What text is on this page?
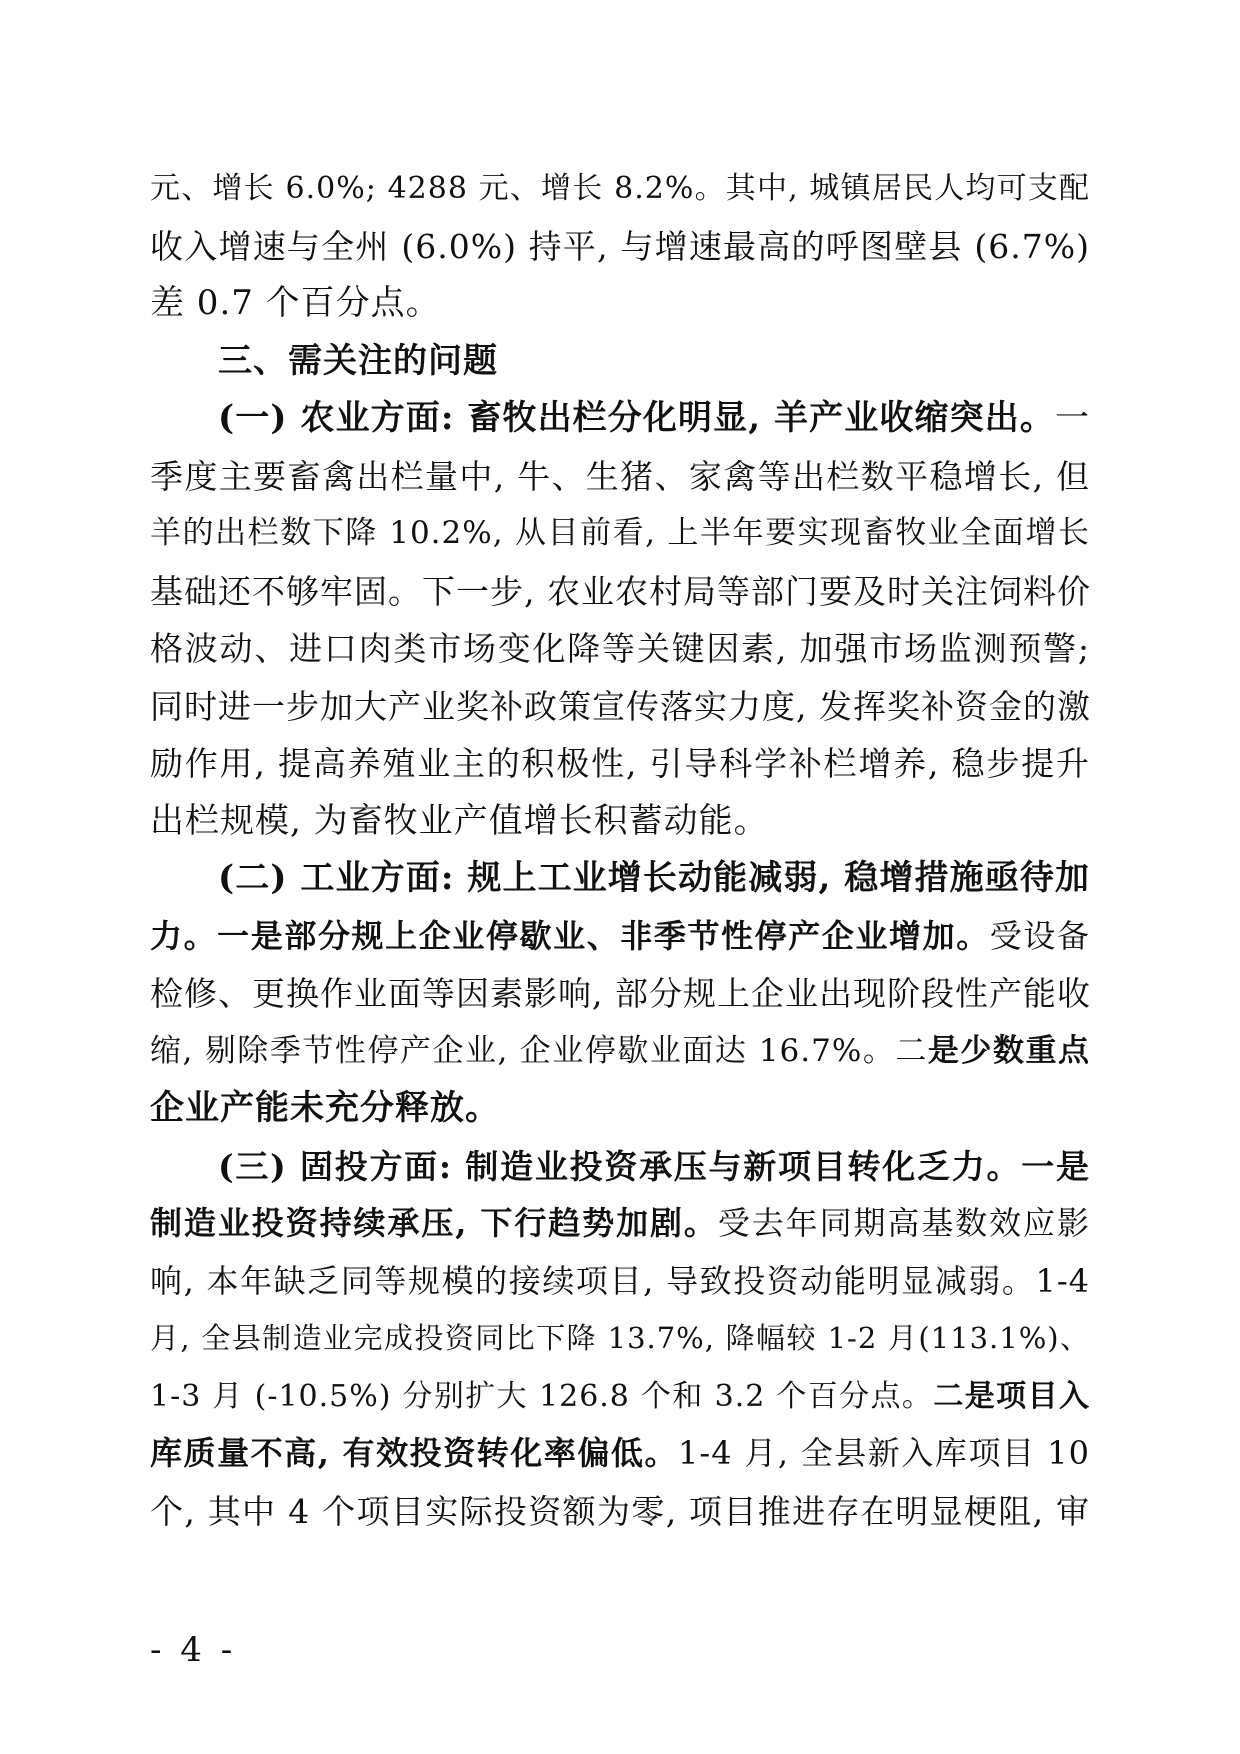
元、增长 6.0%; 4288 元、增长 8.2%。其中, 城镇居民人均可支配
收入增速与全州 (6.0%) 持平, 与增速最高的呼图壁县 (6.7%)
差 0.7 个百分点。
三、需关注的问题
(一) 农业方面: 畜牧出栏分化明显, 羊产业收缩突出。一
季度主要畜禽出栏量中, 牛、生猪、家禽等出栏数平稳增长, 但
羊的出栏数下降 10.2%, 从目前看, 上半年要实现畜牧业全面增长
基础还不够牢固。下一步, 农业农村局等部门要及时关注饲料价
格波动、进口肉类市场变化降等关键因素, 加强市场监测预警;
同时进一步加大产业奖补政策宣传落实力度, 发挥奖补资金的激
励作用, 提高养殖业主的积极性, 引导科学补栏增养, 稳步提升
出栏规模, 为畜牧业产值增长积蓄动能。
(二) 工业方面: 规上工业增长动能减弱, 稳增措施亟待加
力。一是部分规上企业停歇业、非季节性停产企业增加。受设备
检修、更换作业面等因素影响, 部分规上企业出现阶段性产能收
缩, 剔除季节性停产企业, 企业停歇业面达 16.7%。二是少数重点
企业产能未充分释放。
(三) 固投方面: 制造业投资承压与新项目转化乏力。一是
制造业投资持续承压, 下行趋势加剧。受去年同期高基数效应影
响, 本年缺乏同等规模的接续项目, 导致投资动能明显减弱。1-4
月, 全县制造业完成投资同比下降 13.7%, 降幅较 1-2 月(113.1%)、
1-3 月 (-10.5%) 分别扩大 126.8 个和 3.2 个百分点。二是项目入
库质量不高, 有效投资转化率偏低。1-4 月, 全县新入库项目 10
个, 其中 4 个项目实际投资额为零, 项目推进存在明显梗阻, 审
- 4 -
